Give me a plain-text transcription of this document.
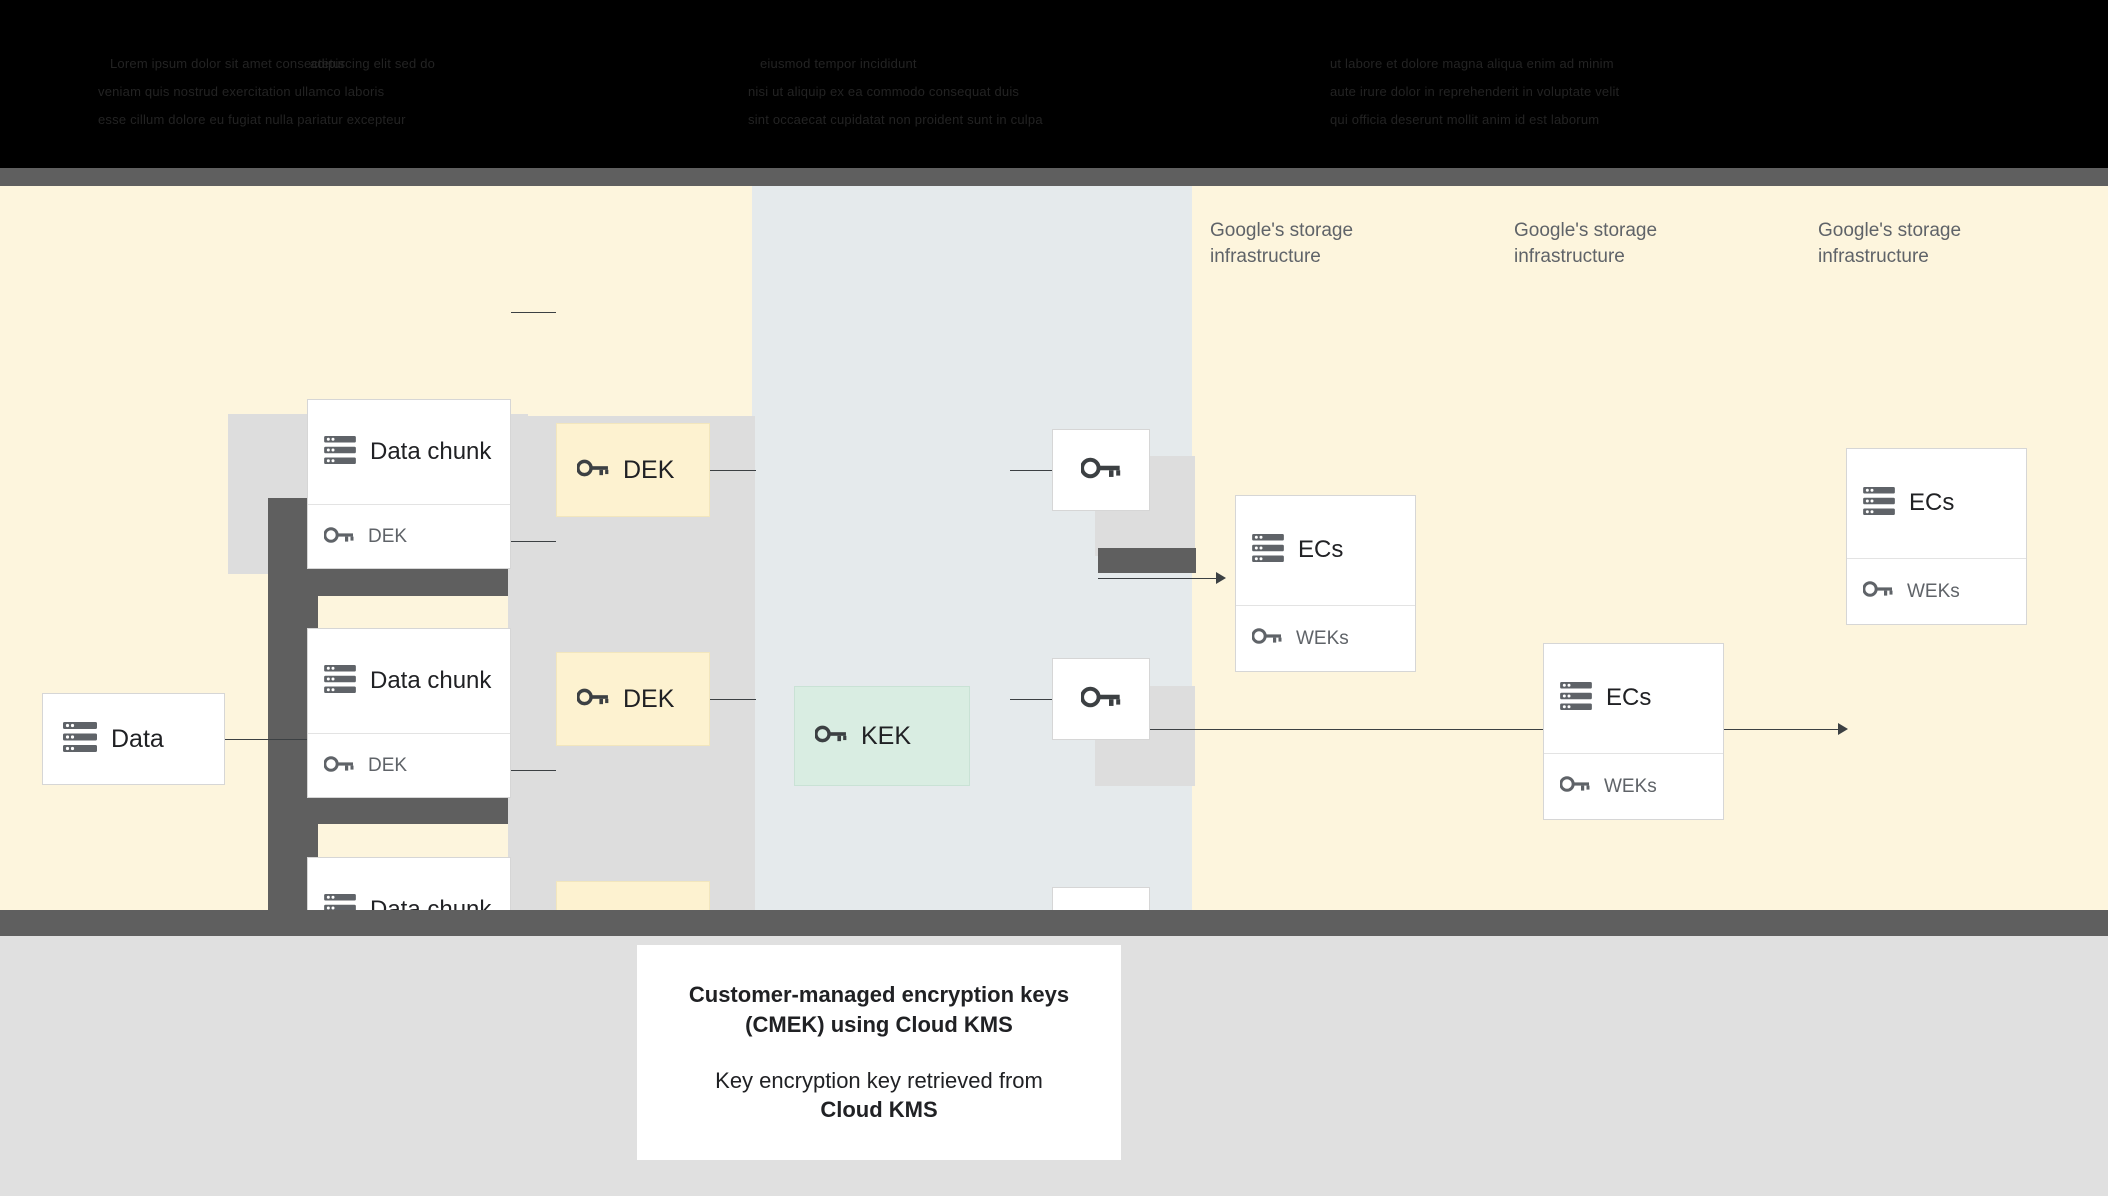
Lorem ipsum dolor sit amet consectetur
adipiscing elit sed do	eiusmod tempor incididunt	ut labore et dolore magna aliqua enim ad minim
veniam quis nostrud exercitation ullamco laboris	nisi ut aliquip ex ea commodo consequat duis	aute irure dolor in reprehenderit in voluptate velit
esse cillum dolore eu fugiat nulla pariatur excepteur	sint occaecat cupidatat non proident sunt in culpa	qui officia deserunt mollit anim id est laborum
Data
Data chunk
DEK
Data chunk
DEK
DEK
DEK
KEK
Google's storage infrastructure
Google's storage infrastructure
Google's storage infrastructure
ECs
WEKs
ECs
WEKs
ECs
WEKs
Customer-managed encryption keys
(CMEK) using Cloud KMS
Key encryption key retrieved from
Cloud KMS
